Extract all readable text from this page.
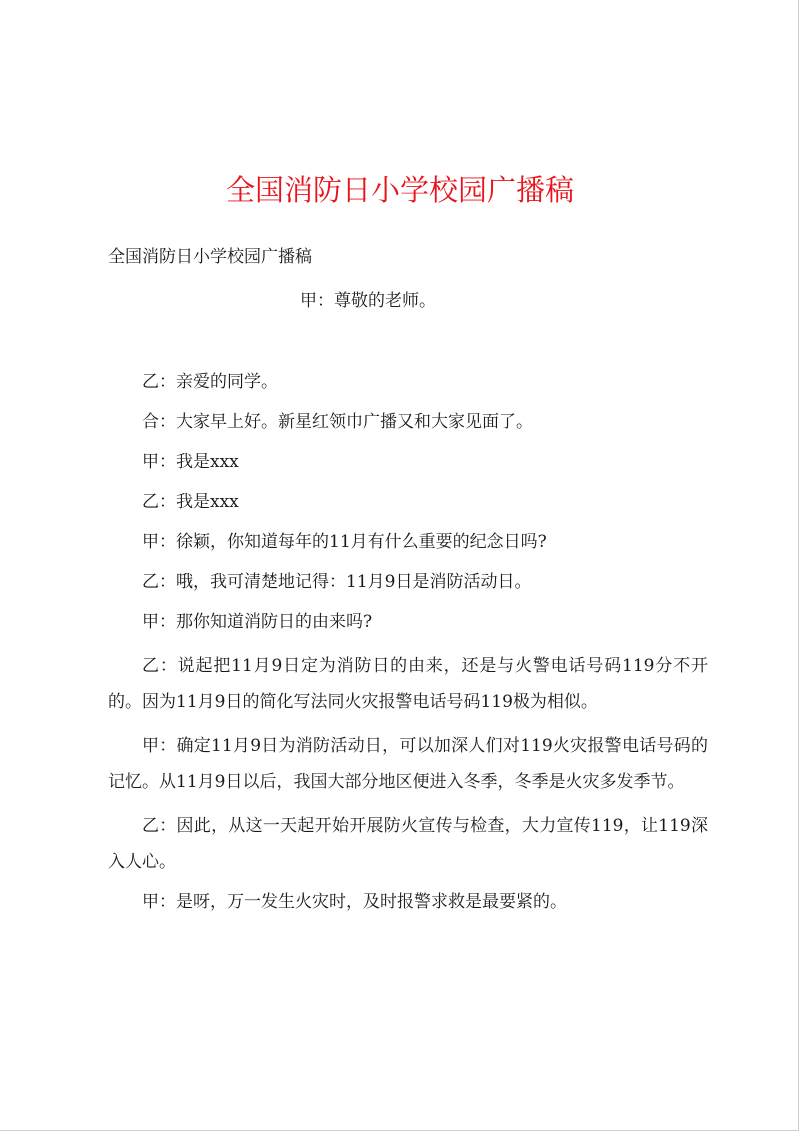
全国消防日小学校园广播稿

全国消防日小学校园广播稿

甲：尊敬的老师。

乙：亲爱的同学。

合：大家早上好。新星红领巾广播又和大家见面了。

甲：我是xxx

乙：我是xxx

甲：徐颖，你知道每年的11月有什么重要的纪念日吗?

乙：哦，我可清楚地记得：11月9日是消防活动日。

甲：那你知道消防日的由来吗?

乙：说起把11月9日定为消防日的由来，还是与火警电话号码119分不开的。因为11月9日的简化写法同火灾报警电话号码119极为相似。

甲：确定11月9日为消防活动日，可以加深人们对119火灾报警电话号码的记忆。从11月9日以后，我国大部分地区便进入冬季，冬季是火灾多发季节。

乙：因此，从这一天起开始开展防火宣传与检查，大力宣传119，让119深入人心。

甲：是呀，万一发生火灾时，及时报警求救是最要紧的。
